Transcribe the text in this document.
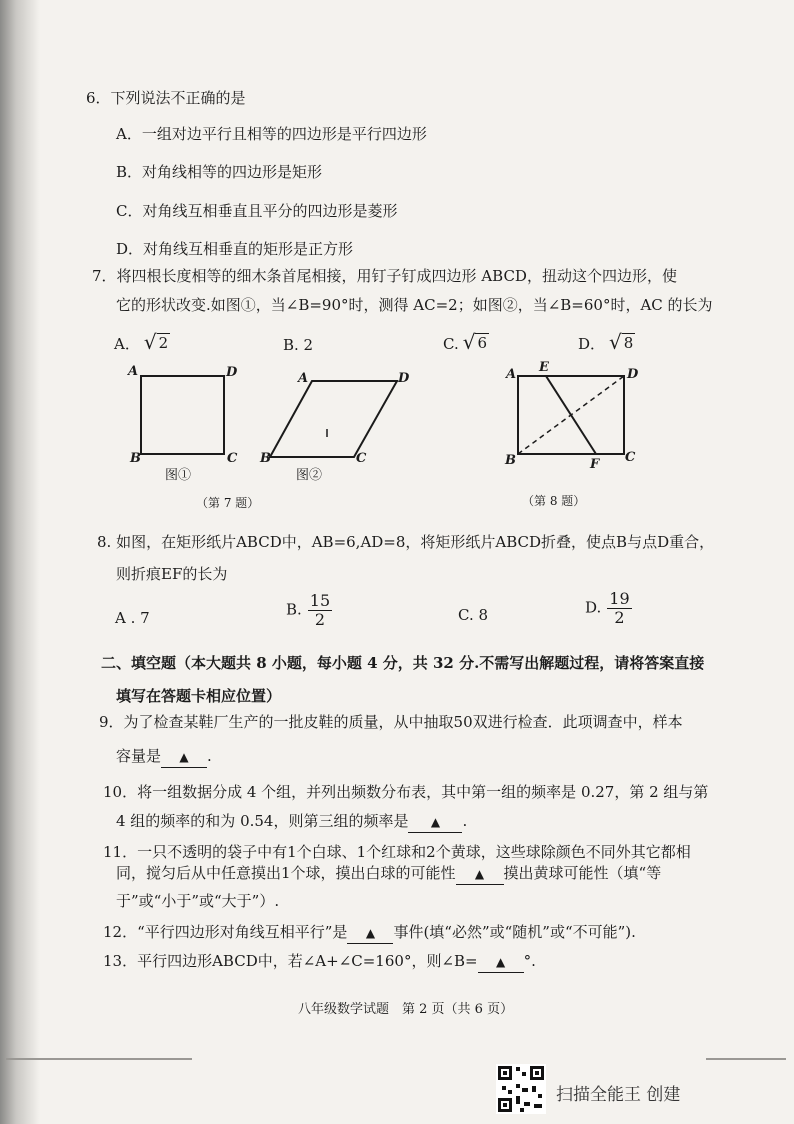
6．下列说法不正确的是
A．一组对边平行且相等的四边形是平行四边形
B．对角线相等的四边形是矩形
C．对角线互相垂直且平分的四边形是菱形
D．对角线互相垂直的矩形是正方形
7．将四根长度相等的细木条首尾相接，用钉子钉成四边形 ABCD，扭动这个四边形，使
它的形状改变.如图①，当∠B=90°时，测得 AC=2；如图②，当∠B=60°时，AC 的长为
A． √ 2	B. 2	C. √ 6	D． √ 8
A	D
B	C
图①
A	D
B	C
图②
（第 7 题）
A E	D
B	F C
（第 8 题）
8. 如图，在矩形纸片ABCD中，AB=6,AD=8，将矩形纸片ABCD折叠，使点B与点D重合，
则折痕EF的长为
A . 7	B. $\frac{15}{2}$	C. 8	D. $\frac{19}{2}$
二、填空题（本大题共 8 小题，每小题 4 分，共 32 分.不需写出解题过程，请将答案直接
填写在答题卡相应位置）
9．为了检查某鞋厂生产的一批皮鞋的质量，从中抽取50双进行检查．此项调查中，样本
容量是 ▲ .
10．将一组数据分成 4 个组，并列出频数分布表，其中第一组的频率是 0.27，第 2 组与第
4 组的频率的和为 0.54，则第三组的频率是 ▲ .
11．一只不透明的袋子中有1个白球、1个红球和2个黄球，这些球除颜色不同外其它都相
同，搅匀后从中任意摸出1个球，摸出白球的可能性 ▲ 摸出黄球可能性（填“等
于”或“小于”或“大于”）.
12．“平行四边形对角线互相平行”是 ▲ 事件(填“必然”或“随机”或“不可能”).
13．平行四边形ABCD中，若∠A+∠C=160°，则∠B= ▲ °.
八年级数学试题　第 2 页（共 6 页）
扫描全能王 创建
